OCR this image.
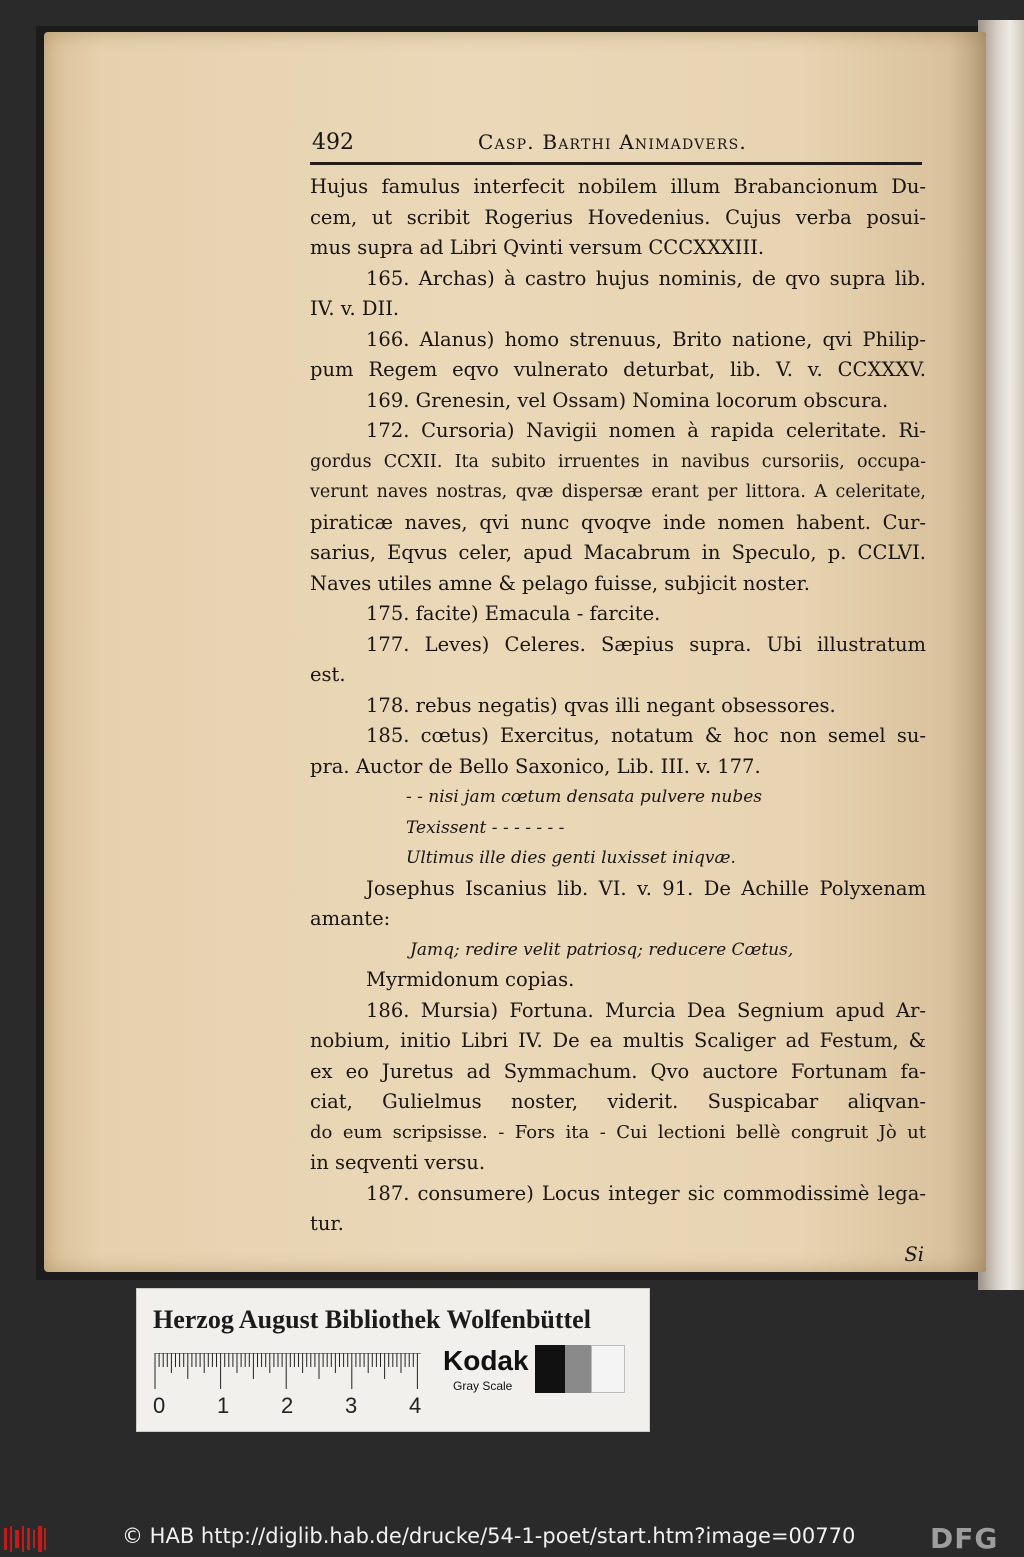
492	Casp. Barthi Animadvers.
Hujus famulus interfecit nobilem illum Brabancionum Du-
cem, ut scribit Rogerius Hovedenius. Cujus verba posui-
mus supra ad Libri Qvinti versum CCCXXXIII.
165. Archas) à castro hujus nominis, de qvo supra lib.
IV. v. DII.
166. Alanus) homo strenuus, Brito natione, qvi Philip-
pum Regem eqvo vulnerato deturbat, lib. V. v. CCXXXV.
169. Grenesin, vel Ossam) Nomina locorum obscura.
172. Cursoria) Navigii nomen à rapida celeritate. Ri-
gordus CCXII. Ita subito irruentes in navibus cursoriis, occupa-
verunt naves nostras, qvæ dispersæ erant per littora. A celeritate,
piraticæ naves, qvi nunc qvoqve inde nomen habent. Cur-
sarius, Eqvus celer, apud Macabrum in Speculo, p. CCLVI.
Naves utiles amne & pelago fuisse, subjicit noster.
175. facite) Emacula - farcite.
177. Leves) Celeres. Sæpius supra. Ubi illustratum
est.
178. rebus negatis) qvas illi negant obsessores.
185. cœtus) Exercitus, notatum & hoc non semel su-
pra. Auctor de Bello Saxonico, Lib. III. v. 177.
- - nisi jam cœtum densata pulvere nubes
Texissent - - - - - - -
Ultimus ille dies genti luxisset iniqvæ.
Josephus Iscanius lib. VI. v. 91. De Achille Polyxenam
amante:
Jamq; redire velit patriosq; reducere Cœtus,
Myrmidonum copias.
186. Mursia) Fortuna. Murcia Dea Segnium apud Ar-
nobium, initio Libri IV. De ea multis Scaliger ad Festum, &
ex eo Juretus ad Symmachum. Qvo auctore Fortunam fa-
ciat, Gulielmus noster, viderit. Suspicabar aliqvan-
do eum scripsisse. - Fors ita - Cui lectioni bellè congruit Jò ut
in seqventi versu.
187. consumere) Locus integer sic commodissimè lega-
tur.
Si
Herzog August Bibliothek Wolfenbüttel
0 1 2 3 4
Kodak
Gray Scale
© HAB http://diglib.hab.de/drucke/54-1-poet/start.htm?image=00770	DFG
